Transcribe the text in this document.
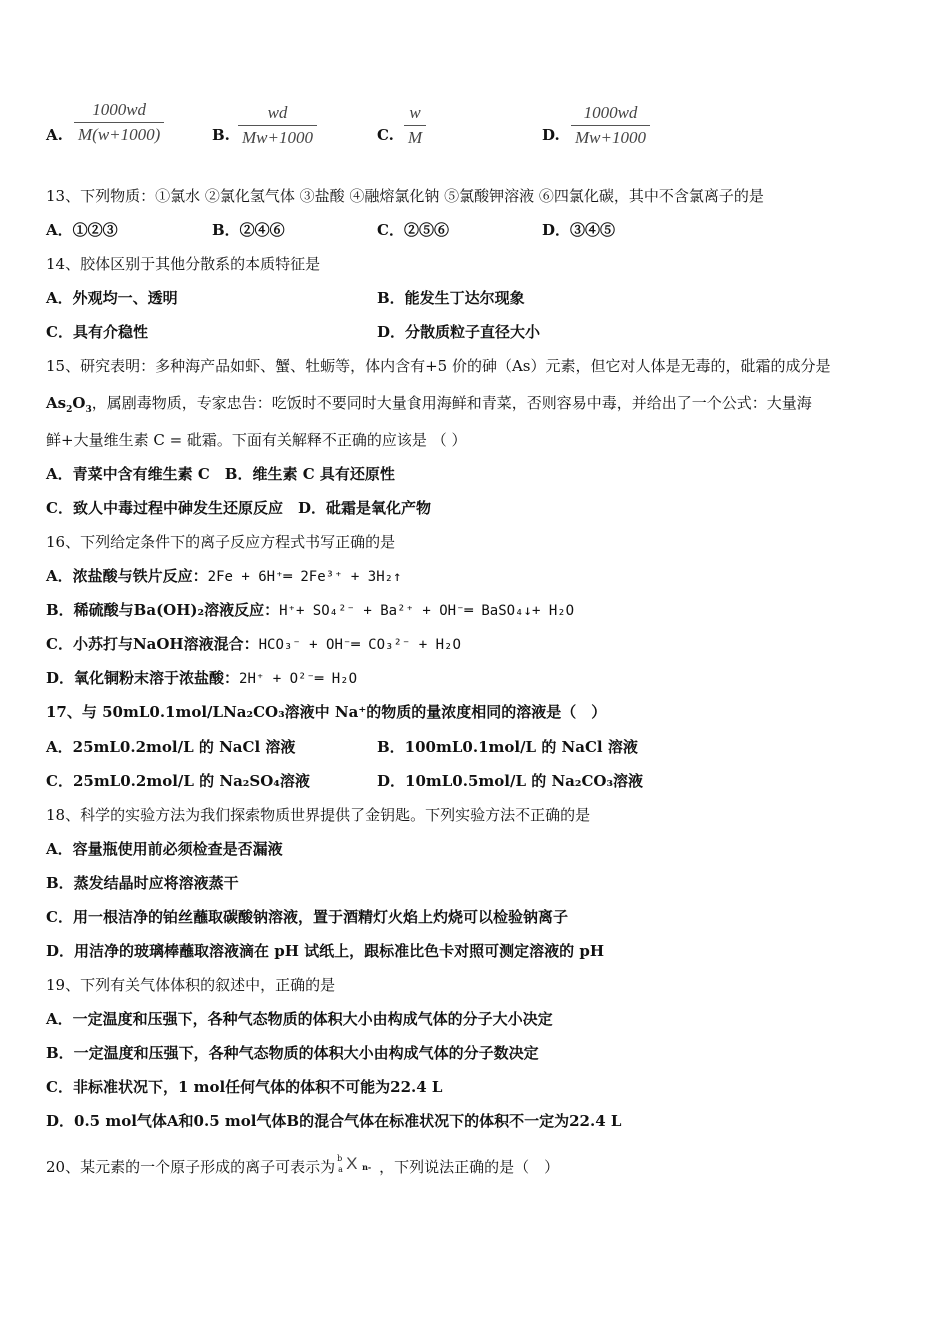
A.
1000wd
M(w+1000)	B.
wd
Mw+1000	C.
w
M	D.
1000wd
Mw+1000
13、下列物质：①氯水 ②氯化氢气体 ③盐酸 ④融熔氯化钠 ⑤氯酸钾溶液 ⑥四氯化碳，其中不含氯离子的是
A．①②③	B．②④⑥	C．②⑤⑥	D．③④⑤
14、胶体区别于其他分散系的本质特征是
A．外观均一、透明	B．能发生丁达尔现象
C．具有介稳性	D．分散质粒子直径大小
15、研究表明：多种海产品如虾、蟹、牡蛎等，体内含有+5 价的砷（As）元素，但它对人体是无毒的，砒霜的成分是
$As_2O_3$，属剧毒物质，专家忠告：吃饭时不要同时大量食用海鲜和青菜，否则容易中毒，并给出了一个公式：大量海
鲜+大量维生素 C = 砒霜。下面有关解释不正确的应该是 （ ）
A．青菜中含有维生素 C　B．维生素 C 具有还原性
C．致人中毒过程中砷发生还原反应　D．砒霜是氧化产物
16、下列给定条件下的离子反应方程式书写正确的是
A．浓盐酸与铁片反应：2Fe + 6H⁺═ 2Fe³⁺ + 3H₂↑
B．稀硫酸与Ba(OH)₂溶液反应：H⁺+ SO₄²⁻ + Ba²⁺ + OH⁻═ BaSO₄↓+ H₂O
C．小苏打与NaOH溶液混合：HCO₃⁻ + OH⁻═ CO₃²⁻ + H₂O
D．氧化铜粉末溶于浓盐酸：2H⁺ + O²⁻═ H₂O
17、与 50mL0.1mol/LNa₂CO₃溶液中 Na⁺的物质的量浓度相同的溶液是（　）
A．25mL0.2mol/L 的 NaCl 溶液	B．100mL0.1mol/L 的 NaCl 溶液
C．25mL0.2mol/L 的 Na₂SO₄溶液	D．10mL0.5mol/L 的 Na₂CO₃溶液
18、科学的实验方法为我们探索物质世界提供了金钥匙。下列实验方法不正确的是
A．容量瓶使用前必须检查是否漏液
B．蒸发结晶时应将溶液蒸干
C．用一根洁净的铂丝蘸取碳酸钠溶液，置于酒精灯火焰上灼烧可以检验钠离子
D．用洁净的玻璃棒蘸取溶液滴在 pH 试纸上，跟标准比色卡对照可测定溶液的 pH
19、下列有关气体体积的叙述中，正确的是
A．一定温度和压强下，各种气态物质的体积大小由构成气体的分子大小决定
B．一定温度和压强下，各种气态物质的体积大小由构成气体的分子数决定
C．非标准状况下，1 mol任何气体的体积不可能为22.4 L
D．0.5 mol气体A和0.5 mol气体B的混合气体在标准状况下的体积不一定为22.4 L
20、某元素的一个原子形成的离子可表示为 b
a X n- ，下列说法正确的是（　）
